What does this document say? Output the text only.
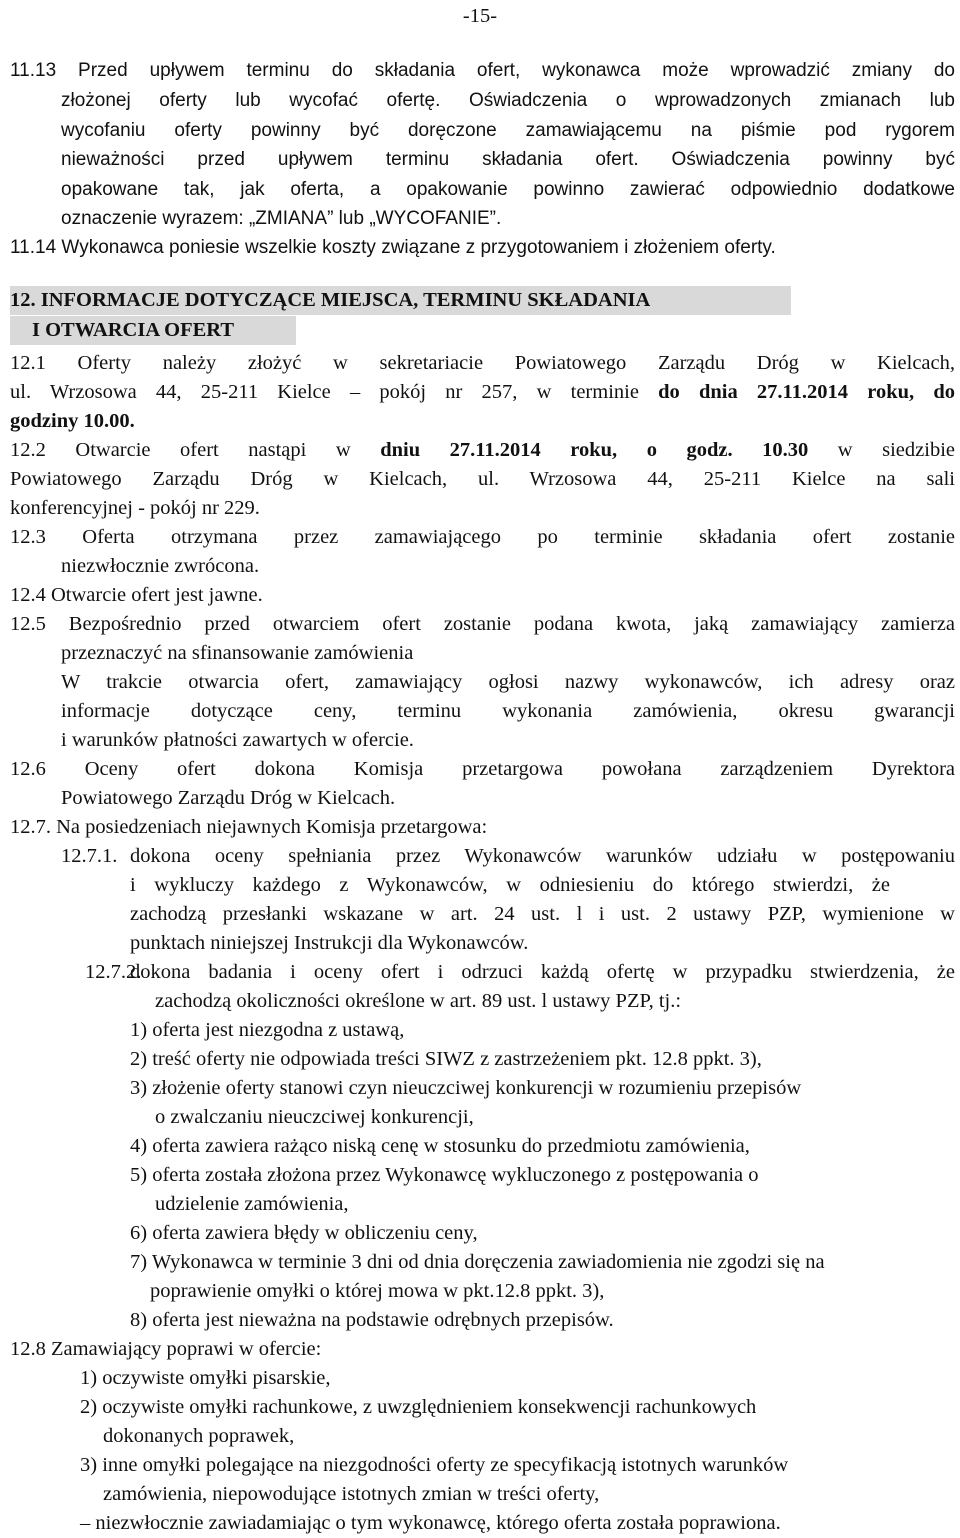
-15-
11.13 Przed upływem terminu do składania ofert, wykonawca może wprowadzić zmiany do
złożonej oferty lub wycofać ofertę. Oświadczenia o wprowadzonych zmianach lub
wycofaniu oferty powinny być doręczone zamawiającemu na piśmie pod rygorem
nieważności przed upływem terminu składania ofert. Oświadczenia powinny być
opakowane tak, jak oferta, a opakowanie powinno zawierać odpowiednio dodatkowe
oznaczenie wyrazem: „ZMIANA” lub „WYCOFANIE”.
11.14 Wykonawca poniesie wszelkie koszty związane z przygotowaniem i złożeniem oferty.
12. INFORMACJE DOTYCZĄCE MIEJSCA, TERMINU SKŁADANIA
I OTWARCIA OFERT
12.1 Oferty należy złożyć w sekretariacie Powiatowego Zarządu Dróg w Kielcach,
ul. Wrzosowa 44, 25-211 Kielce – pokój nr 257, w terminie do dnia 27.11.2014 roku, do
godziny 10.00.
12.2 Otwarcie ofert nastąpi w dniu 27.11.2014 roku, o godz. 10.30 w siedzibie
Powiatowego Zarządu Dróg w Kielcach, ul. Wrzosowa 44, 25-211 Kielce na sali
konferencyjnej - pokój nr 229.
12.3 Oferta otrzymana przez zamawiającego po terminie składania ofert zostanie
niezwłocznie zwrócona.
12.4 Otwarcie ofert jest jawne.
12.5 Bezpośrednio przed otwarciem ofert zostanie podana kwota, jaką zamawiający zamierza
przeznaczyć na sfinansowanie zamówienia
W trakcie otwarcia ofert, zamawiający ogłosi nazwy wykonawców, ich adresy oraz
informacje dotyczące ceny, terminu wykonania zamówienia, okresu gwarancji
i warunków płatności zawartych w ofercie.
12.6 Oceny ofert dokona Komisja przetargowa powołana zarządzeniem Dyrektora
Powiatowego Zarządu Dróg w Kielcach.
12.7. Na posiedzeniach niejawnych Komisja przetargowa:
12.7.1. dokona oceny spełniania przez Wykonawców warunków udziału w postępowaniu
i wykluczy każdego z Wykonawców, w odniesieniu do którego stwierdzi, że
zachodzą przesłanki wskazane w art. 24 ust. l i ust. 2 ustawy PZP, wymienione w
punktach niniejszej Instrukcji dla Wykonawców.
12.7.2.
dokona badania i oceny ofert i odrzuci każdą ofertę w przypadku stwierdzenia, że
zachodzą okoliczności określone w art. 89 ust. l ustawy PZP, tj.:
1) oferta jest niezgodna z ustawą,
2) treść oferty nie odpowiada treści SIWZ z zastrzeżeniem pkt. 12.8 ppkt. 3),
3) złożenie oferty stanowi czyn nieuczciwej konkurencji w rozumieniu przepisów
o zwalczaniu nieuczciwej konkurencji,
4) oferta zawiera rażąco niską cenę w stosunku do przedmiotu zamówienia,
5) oferta została złożona przez Wykonawcę wykluczonego z postępowania o
udzielenie zamówienia,
6) oferta zawiera błędy w obliczeniu ceny,
7) Wykonawca w terminie 3 dni od dnia doręczenia zawiadomienia nie zgodzi się na
poprawienie omyłki o której mowa w pkt.12.8 ppkt. 3),
8) oferta jest nieważna na podstawie odrębnych przepisów.
12.8 Zamawiający poprawi w ofercie:
1) oczywiste omyłki pisarskie,
2) oczywiste omyłki rachunkowe, z uwzględnieniem konsekwencji rachunkowych
dokonanych poprawek,
3) inne omyłki polegające na niezgodności oferty ze specyfikacją istotnych warunków
zamówienia, niepowodujące istotnych zmian w treści oferty,
– niezwłocznie zawiadamiając o tym wykonawcę, którego oferta została poprawiona.
